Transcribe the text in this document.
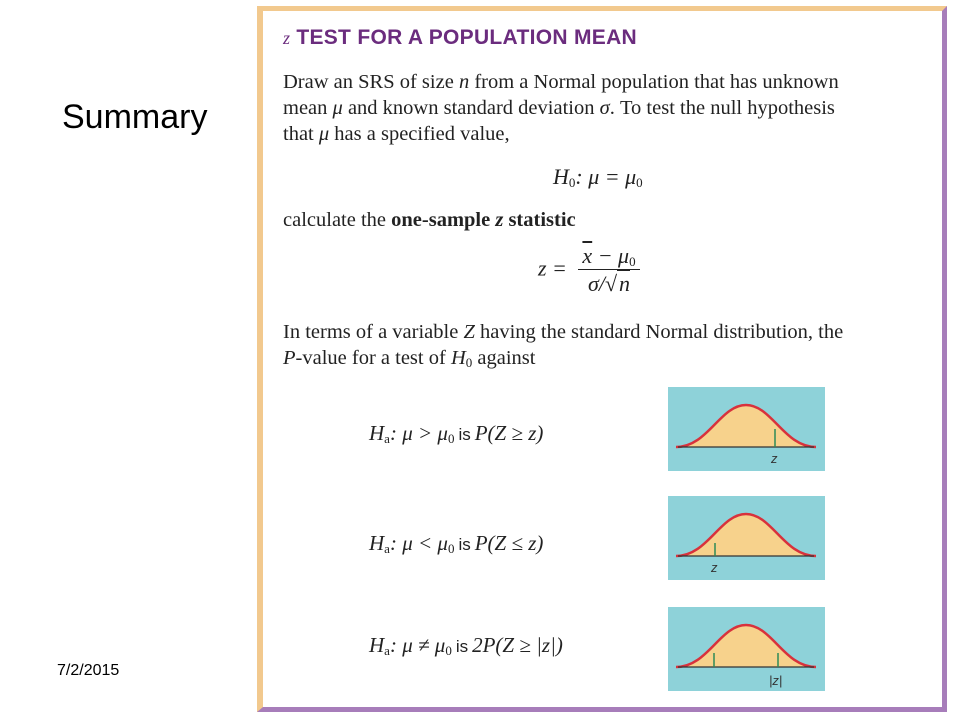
Summary
7/2/2015
z TEST FOR A POPULATION MEAN
Draw an SRS of size n from a Normal population that has unknown
mean μ and known standard deviation σ. To test the null hypothesis
that μ has a specified value,
$H_0$: $\mu = \mu_0$
calculate the one-sample z statistic
$z = \frac{\overline{x} - \mu_0}{\sigma/√n}$
In terms of a variable Z having the standard Normal distribution, the
P-value for a test of $H_0$ against
$H_a$: $\mu > \mu_0$ is P(Z ≥ z)
z
$H_a$: $\mu < \mu_0$ is P(Z ≤ z)
z
$H_a$: $\mu \ne \mu_0$ is 2P(Z ≥ |z|)
|z|
